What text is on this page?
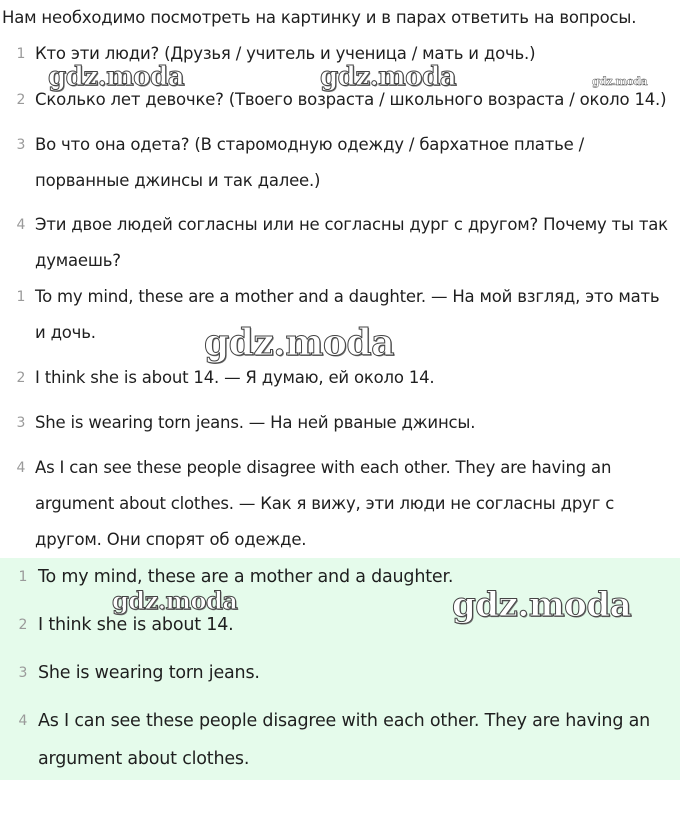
Нам необходимо посмотреть на картинку и в парах ответить на вопросы.
1 Кто эти люди? (Друзья / учитель и ученица / мать и дочь.)
2 Сколько лет девочке? (Твоего возраста / школьного возраста / около 14.)
3 Во что она одета? (В старомодную одежду / бархатное платье / порванные джинсы и так далее.)
4 Эти двое людей согласны или не согласны дург с другом? Почему ты так думаешь?
1 To my mind, these are a mother and a daughter. — На мой взгляд, это мать и дочь.
2 I think she is about 14. — Я думаю, ей около 14.
3 She is wearing torn jeans. — На ней рваные джинсы.
4 As I can see these people disagree with each other. They are having an argument about clothes. — Как я вижу, эти люди не согласны друг с другом. Они спорят об одежде.
1 To my mind, these are a mother and a daughter.
2 I think she is about 14.
3 She is wearing torn jeans.
4 As I can see these people disagree with each other. They are having an argument about clothes.
gdz.moda	gdz.moda	gdz.moda
gdz.moda
gdz.moda	gdz.moda
